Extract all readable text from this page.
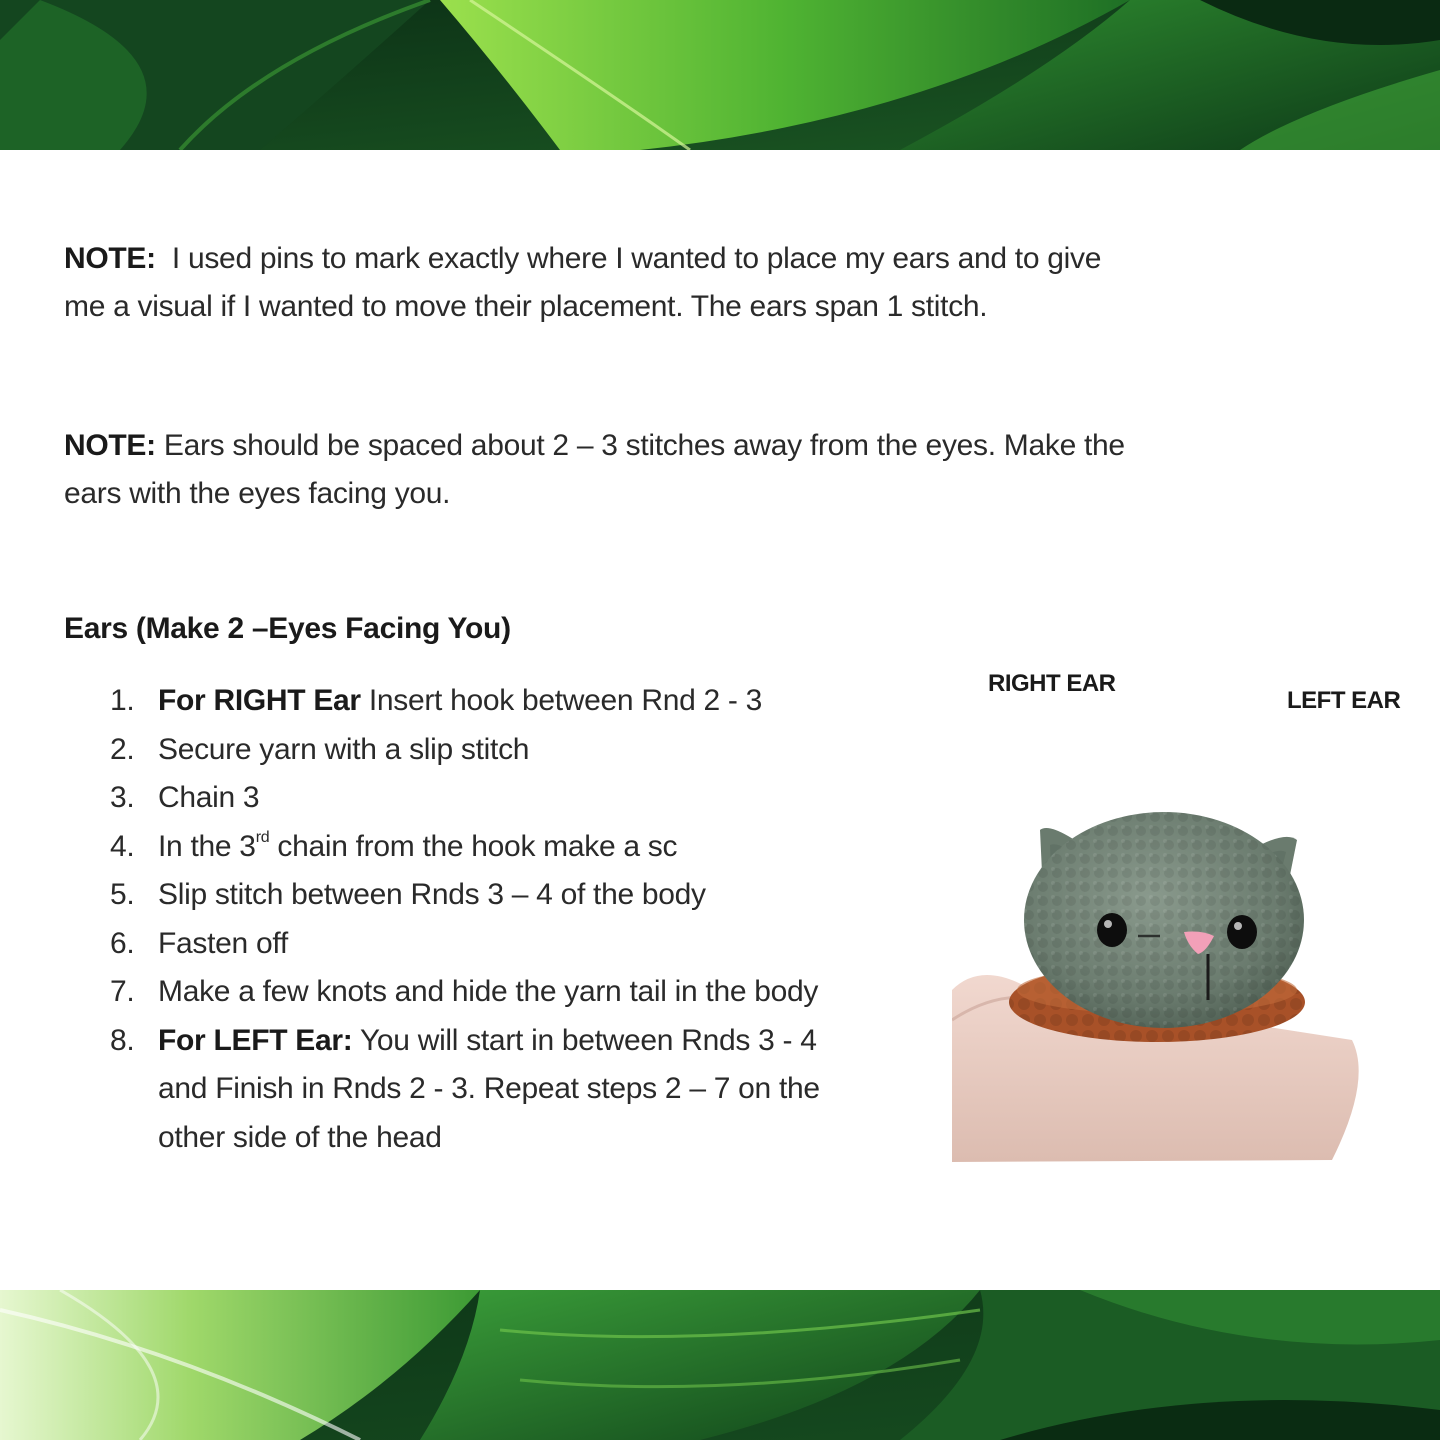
NOTE: I used pins to mark exactly where I wanted to place my ears and to give
me a visual if I wanted to move their placement. The ears span 1 stitch.
NOTE: Ears should be spaced about 2 – 3 stitches away from the eyes. Make the
ears with the eyes facing you.
Ears (Make 2 –Eyes Facing You)
1. For RIGHT Ear Insert hook between Rnd 2 - 3
2. Secure yarn with a slip stitch
3. Chain 3
4. In the 3rd chain from the hook make a sc
5. Slip stitch between Rnds 3 – 4 of the body
6. Fasten off
7. Make a few knots and hide the yarn tail in the body
8. For LEFT Ear: You will start in between Rnds 3 - 4
and Finish in Rnds 2 - 3. Repeat steps 2 – 7 on the
other side of the head
RIGHT EAR
LEFT EAR
